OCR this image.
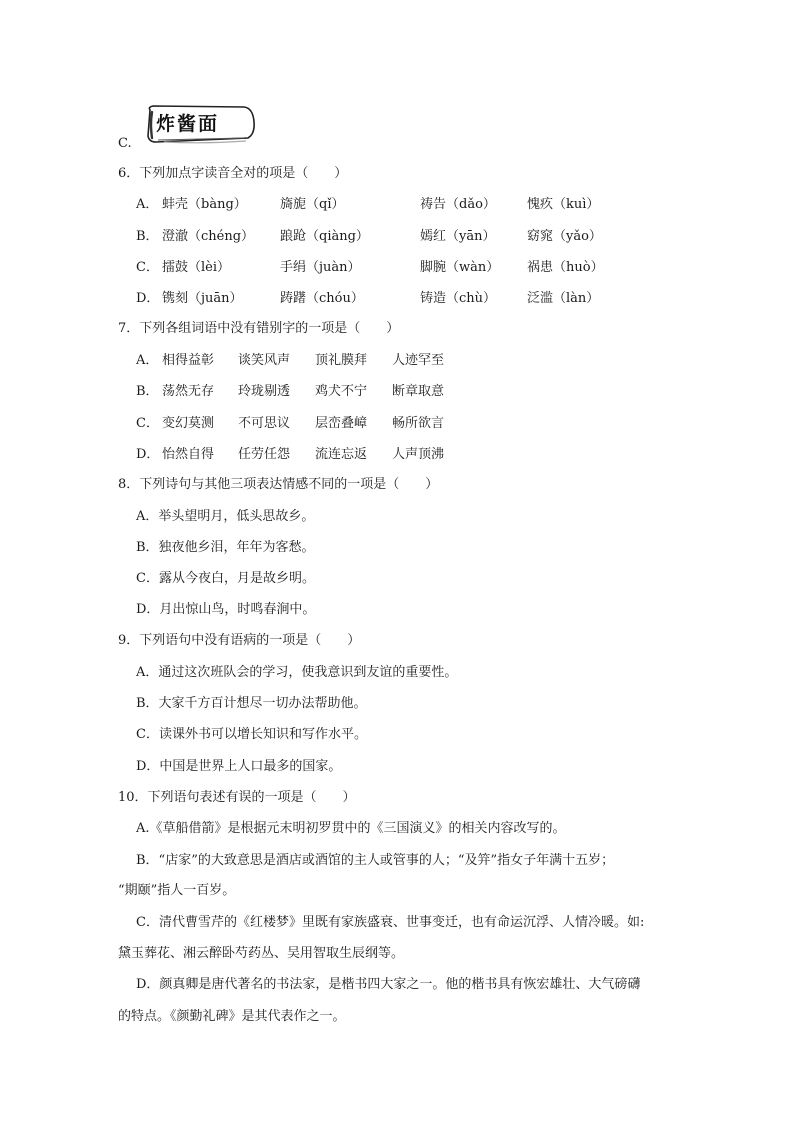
炸酱面
C.
6．下列加点字读音全对的项是（　　）
A． 蚌壳（bàng）	旖旎（qǐ）	祷告（dǎo） 愧疚（kuì）
B． 澄澈（chéng） 踉跄（qiàng）	嫣红（yān） 窈窕（yǎo）
C． 擂鼓（lèi）	手绢（juàn）	脚腕（wàn） 祸患（huò）
D． 镌刻（juān）	踌躇（chóu）	铸造（chù） 泛滥（làn）
7．下列各组词语中没有错别字的一项是（　　）
A． 相得益彰 谈笑风声 顶礼膜拜 人迹罕至
B． 荡然无存 玲珑剔透 鸡犬不宁 断章取意
C． 变幻莫测 不可思议 层峦叠嶂 畅所欲言
D． 怡然自得 任劳任怨 流连忘返 人声顶沸
8．下列诗句与其他三项表达情感不同的一项是（　　）
A．举头望明月，低头思故乡。
B．独夜他乡泪，年年为客愁。
C．露从今夜白，月是故乡明。
D．月出惊山鸟，时鸣春涧中。
9．下列语句中没有语病的一项是（　　）
A．通过这次班队会的学习，使我意识到友谊的重要性。
B．大家千方百计想尽一切办法帮助他。
C．读课外书可以增长知识和写作水平。
D．中国是世界上人口最多的国家。
10．下列语句表述有误的一项是（　　）
A.《草船借箭》是根据元末明初罗贯中的《三国演义》的相关内容改写的。
B．“店家”的大致意思是酒店或酒馆的主人或管事的人；“及笄”指女子年满十五岁；
“期颐”指人一百岁。
C．清代曹雪芹的《红楼梦》里既有家族盛衰、世事变迁，也有命运沉浮、人情冷暖。如:
黛玉葬花、湘云醉卧芍药丛、吴用智取生辰纲等。
D．颜真卿是唐代著名的书法家，是楷书四大家之一。他的楷书具有恢宏雄壮、大气磅礴
的特点。《颜勤礼碑》是其代表作之一。
